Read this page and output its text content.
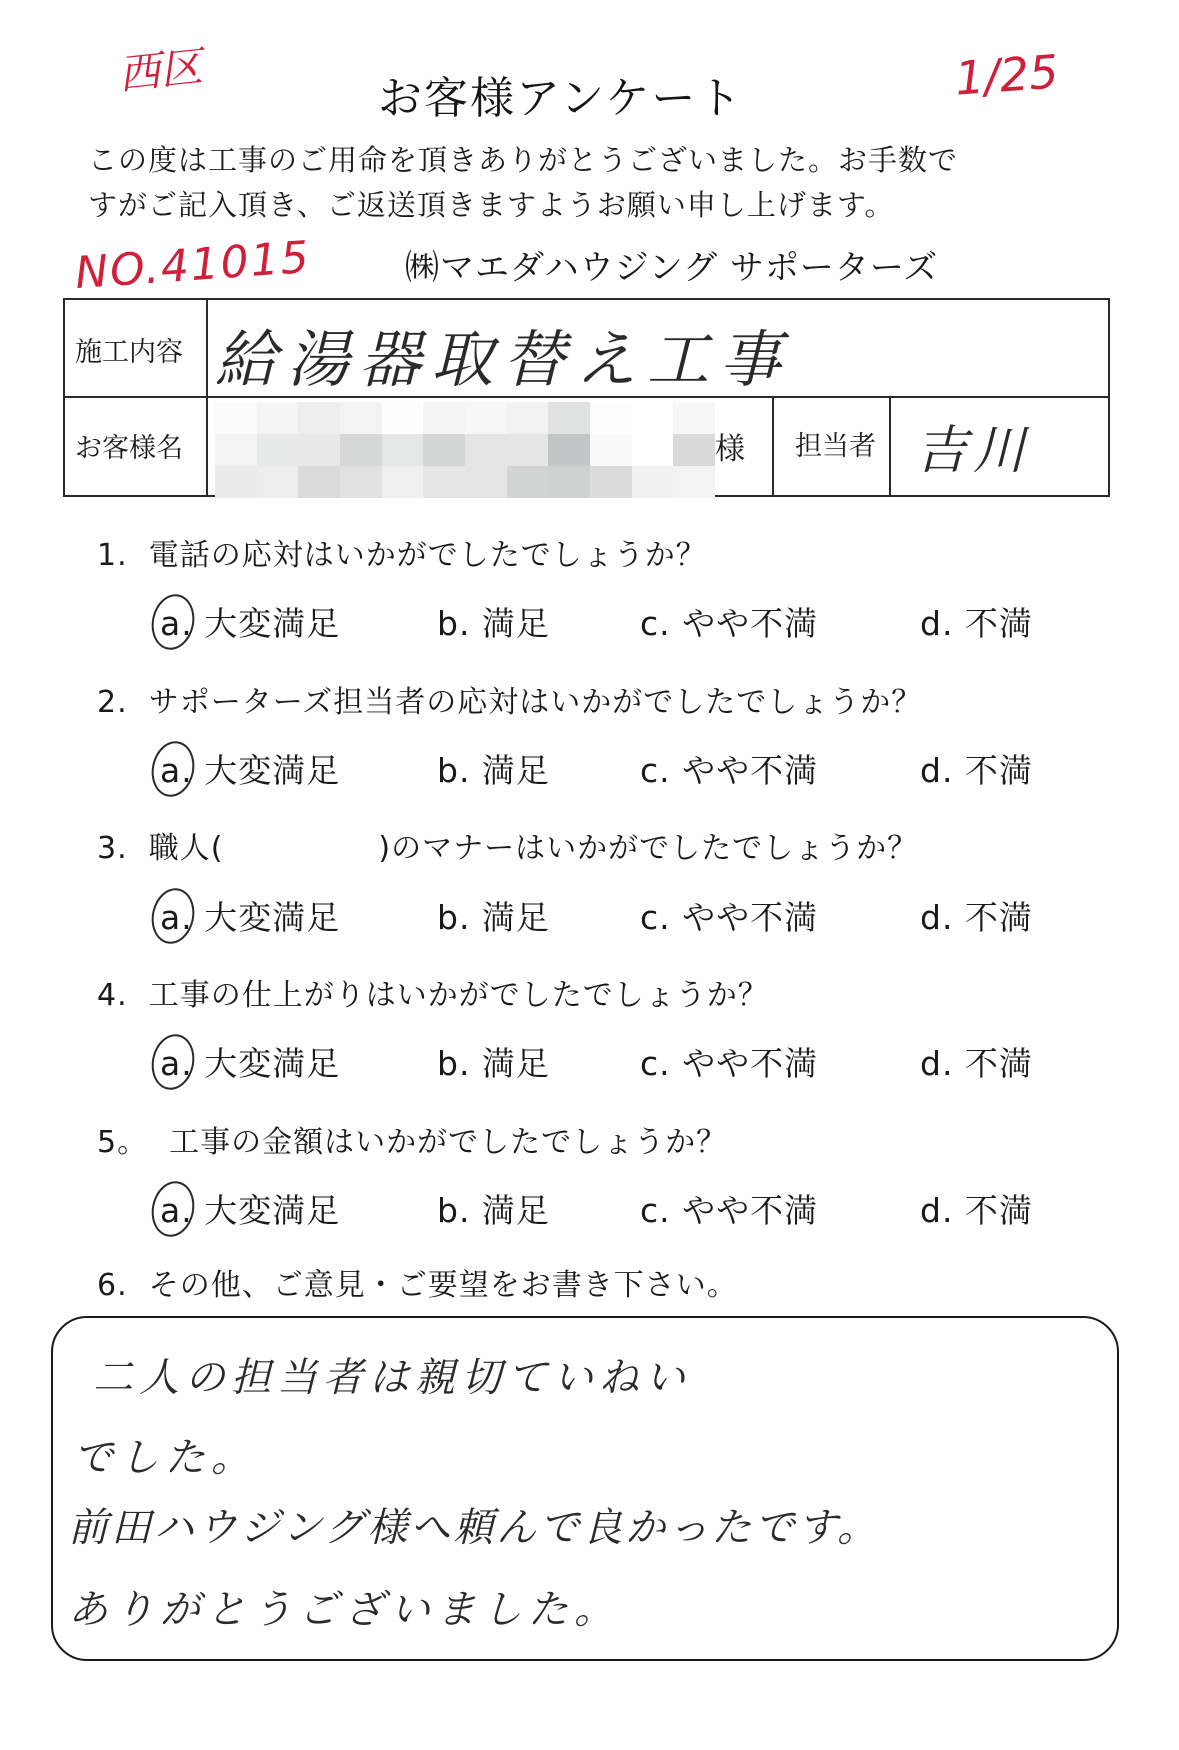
西区	1/25
NO.41015
お客様アンケート
この度は工事のご用命を頂きありがとうございました。お手数で
すがご記入頂き、ご返送頂きますようお願い申し上げます。
㈱マエダハウジング サポーターズ
施工内容 給湯器取替え工事
お客様名	様 担当者 吉川
1. 電話の応対はいかがでしたでしょうか？
a. 大変満足	b. 満足	c. やや不満	d. 不満
2. サポーターズ担当者の応対はいかがでしたでしょうか？
a. 大変満足	b. 満足	c. やや不満	d. 不満
3. 職人(　　　　　)のマナーはいかがでしたでしょうか？
a. 大変満足	b. 満足	c. やや不満	d. 不満
4. 工事の仕上がりはいかがでしたでしょうか？
a. 大変満足	b. 満足	c. やや不満	d. 不満
5。 工事の金額はいかがでしたでしょうか？
a. 大変満足	b. 満足	c. やや不満	d. 不満
6. その他、ご意見・ご要望をお書き下さい。
二人の担当者は親切ていねい
でした。
前田ハウジング様へ頼んで良かったです。
ありがとうございました。
